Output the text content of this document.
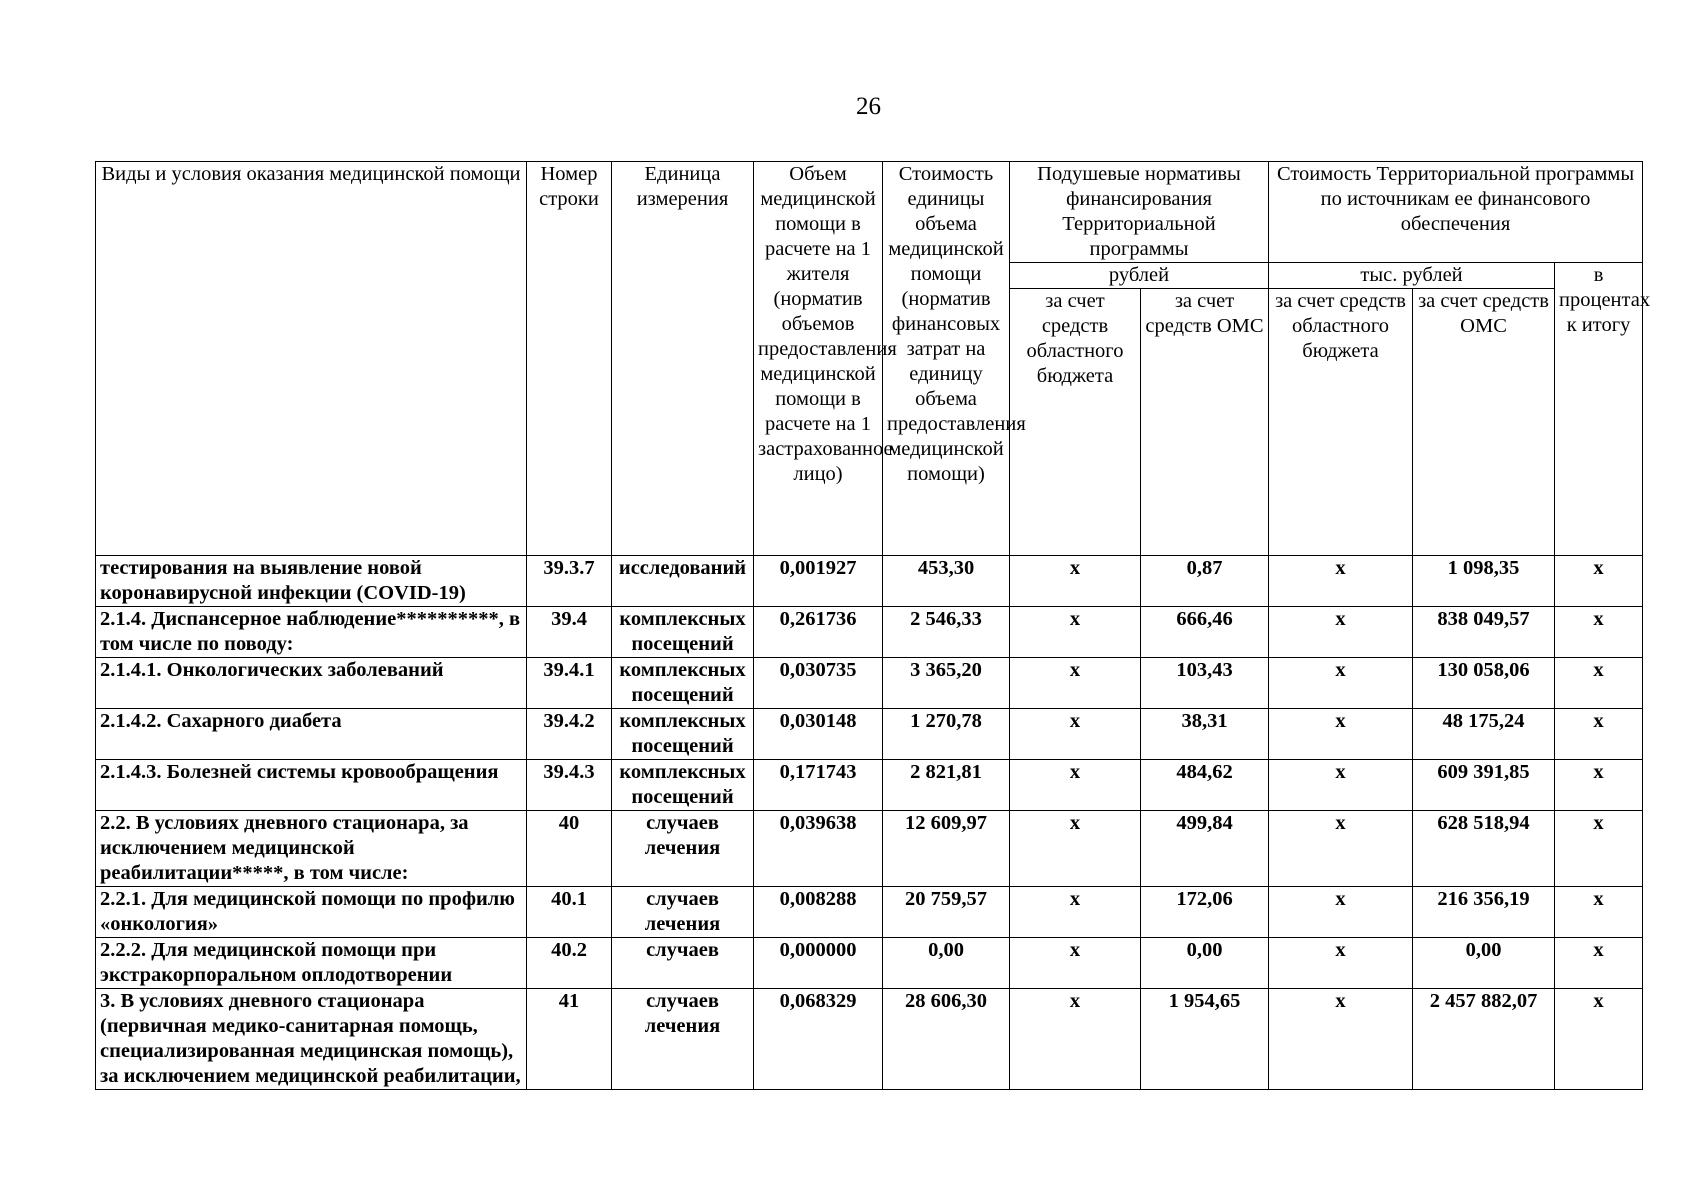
26
Виды и условия оказания медицинской помощи	Номер строки	Единица измерения	Объем медицинской помощи в расчете на 1 жителя (норматив объемов предоставления медицинской помощи в расчете на 1 застрахованное лицо)	Стоимость единицы объема медицинской помощи (норматив финансовых затрат на единицу объема предоставления медицинской помощи)	Подушевые нормативы финансирования Территориальной программы		Стоимость Территориальной программы по источникам ее финансового обеспечения		
					рублей		тыс. рублей		в процентах к итогу
					за счет средств областного бюджета	за счет средств ОМС	за счет средств областного бюджета	за счет средств ОМС	
тестирования на выявление новой коронавирусной инфекции (COVID-19)	39.3.7	исследований	0,001927	453,30	х	0,87	х	1 098,35	х
2.1.4. Диспансерное наблюдение**********, в том числе по поводу:	39.4	комплексных посещений	0,261736	2 546,33	х	666,46	х	838 049,57	х
2.1.4.1. Онкологических заболеваний	39.4.1	комплексных посещений	0,030735	3 365,20	х	103,43	х	130 058,06	х
2.1.4.2. Сахарного диабета	39.4.2	комплексных посещений	0,030148	1 270,78	х	38,31	х	48 175,24	х
2.1.4.3. Болезней системы кровообращения	39.4.3	комплексных посещений	0,171743	2 821,81	х	484,62	х	609 391,85	х
2.2. В условиях дневного стационара, за исключением медицинской реабилитации*****, в том числе:	40	случаев лечения	0,039638	12 609,97	х	499,84	х	628 518,94	х
2.2.1. Для медицинской помощи по профилю «онкология»	40.1	случаев лечения	0,008288	20 759,57	х	172,06	х	216 356,19	х
2.2.2. Для медицинской помощи при экстракорпоральном оплодотворении	40.2	случаев	0,000000	0,00	х	0,00	х	0,00	х
3. В условиях дневного стационара (первичная медико-санитарная помощь, специализированная медицинская помощь), за исключением медицинской реабилитации,	41	случаев лечения	0,068329	28 606,30	х	1 954,65	х	2 457 882,07	х
